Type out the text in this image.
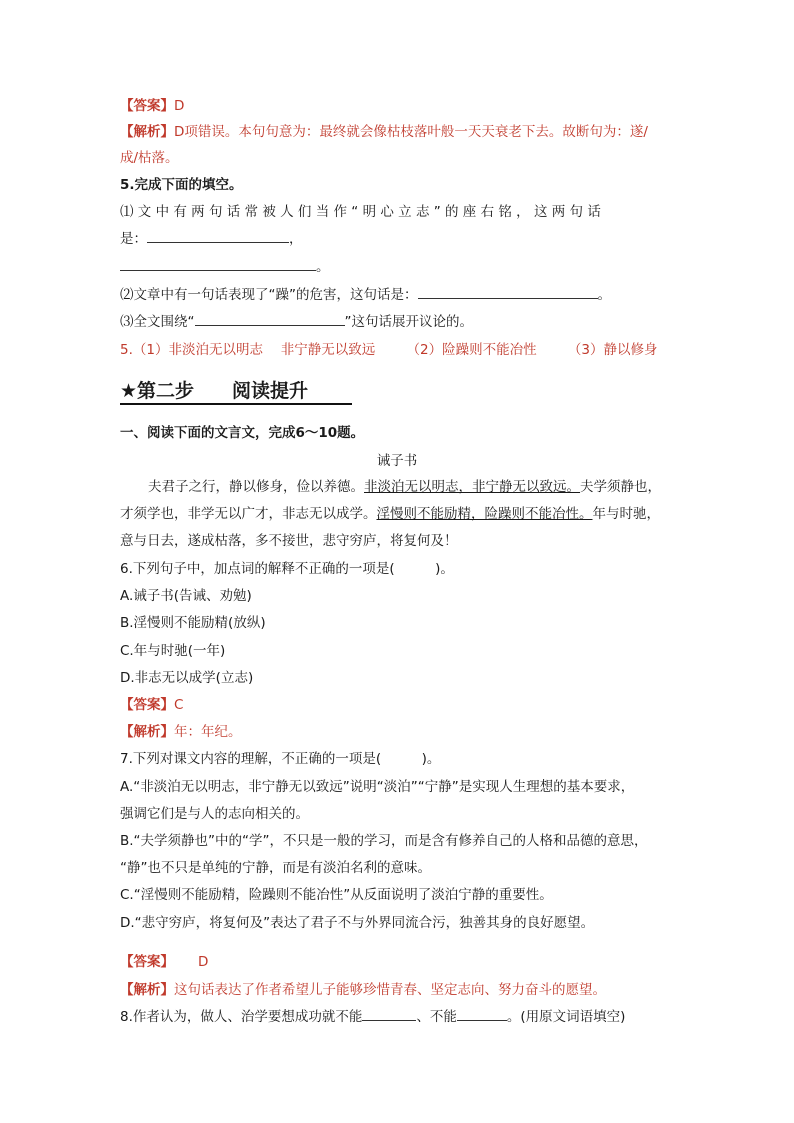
【答案】D
【解析】D项错误。本句句意为：最终就会像枯枝落叶般一天天衰老下去。故断句为：遂/
成/枯落。
5.完成下面的填空。
⑴ 文 中 有 两 句 话 常 被 人 们 当 作 “ 明 心 立 志 ” 的 座 右 铭 ， 这 两 句 话
是：	，
。
⑵文章中有一句话表现了“躁”的危害，这句话是：	。
⑶全文围绕“	”这句话展开议论的。
5.（1）非淡泊无以明志　 非宁静无以致远　　 （2）险躁则不能冶性　　 （3）静以修身
★第二步　　阅读提升
一、阅读下面的文言文，完成6～10题。
诫子书
夫君子之行，静以修身，俭以养德。非淡泊无以明志，非宁静无以致远。夫学须静也，
才须学也，非学无以广才，非志无以成学。淫慢则不能励精，险躁则不能冶性。年与时驰，
意与日去，遂成枯落，多不接世，悲守穷庐，将复何及！
6.下列句子中，加点词的解释不正确的一项是(　　　)。
A.诫子书(告诫、劝勉)
B.淫慢则不能励精(放纵)
C.年与时驰(一年)
D.非志无以成学(立志)
【答案】C
【解析】年：年纪。
7.下列对课文内容的理解，不正确的一项是(　　　)。
A.“非淡泊无以明志，非宁静无以致远”说明“淡泊”“宁静”是实现人生理想的基本要求，
强调它们是与人的志向相关的。
B.“夫学须静也”中的“学”，不只是一般的学习，而是含有修养自己的人格和品德的意思，
“静”也不只是单纯的宁静，而是有淡泊名利的意味。
C.“淫慢则不能励精，险躁则不能冶性”从反面说明了淡泊宁静的重要性。
D.“悲守穷庐，将复何及”表达了君子不与外界同流合污，独善其身的良好愿望。
【答案】 D
【解析】这句话表达了作者希望儿子能够珍惜青春、坚定志向、努力奋斗的愿望。
8.作者认为，做人、治学要想成功就不能	、不能	。(用原文词语填空)
